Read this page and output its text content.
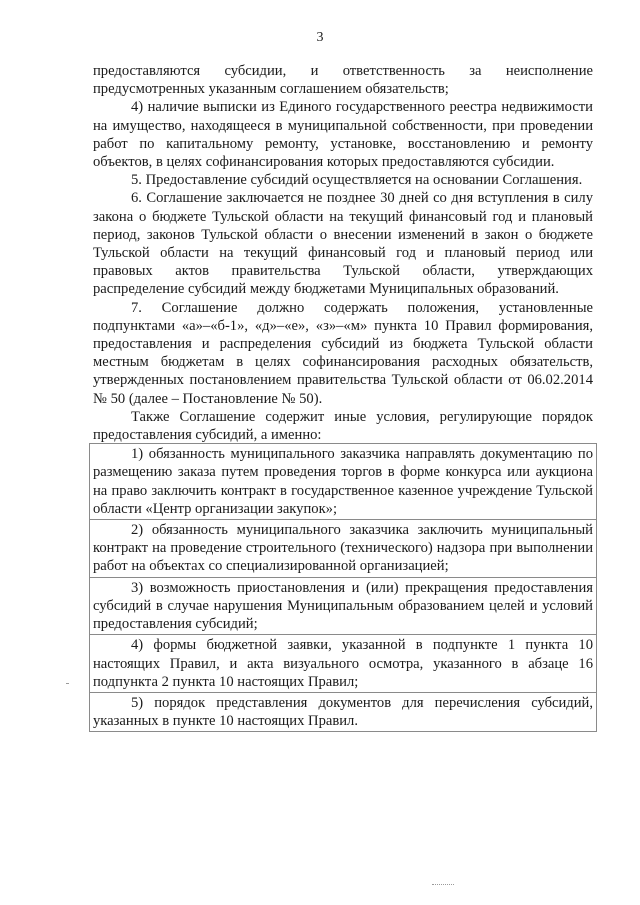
3

предоставляются субсидии, и ответственность за неисполнение предусмотренных указанным соглашением обязательств;

4) наличие выписки из Единого государственного реестра недвижимости на имущество, находящееся в муниципальной собственности, при проведении работ по капитальному ремонту, установке, восстановлению и ремонту объектов, в целях софинансирования которых предоставляются субсидии.

5. Предоставление субсидий осуществляется на основании Соглашения.

6. Соглашение заключается не позднее 30 дней со дня вступления в силу закона о бюджете Тульской области на текущий финансовый год и плановый период, законов Тульской области о внесении изменений в закон о бюджете Тульской области на текущий финансовый год и плановый период или правовых актов правительства Тульской области, утверждающих распределение субсидий между бюджетами Муниципальных образований.

7. Соглашение должно содержать положения, установленные подпунктами «а»–«б-1», «д»–«е», «з»–«м» пункта 10 Правил формирования, предоставления и распределения субсидий из бюджета Тульской области местным бюджетам в целях софинансирования расходных обязательств, утвержденных постановлением правительства Тульской области от 06.02.2014 № 50 (далее – Постановление № 50).

Также Соглашение содержит иные условия, регулирующие порядок предоставления субсидий, а именно:

1) обязанность муниципального заказчика направлять документацию по размещению заказа путем проведения торгов в форме конкурса или аукциона на право заключить контракт в государственное казенное учреждение Тульской области «Центр организации закупок»;

2) обязанность муниципального заказчика заключить муниципальный контракт на проведение строительного (технического) надзора при выполнении работ на объектах со специализированной организацией;

3) возможность приостановления и (или) прекращения предоставления субсидий в случае нарушения Муниципальным образованием целей и условий предоставления субсидий;

4) формы бюджетной заявки, указанной в подпункте 1 пункта 10 настоящих Правил, и акта визуального осмотра, указанного в абзаце 16 подпункта 2 пункта 10 настоящих Правил;

5) порядок представления документов для перечисления субсидий, указанных в пункте 10 настоящих Правил.
